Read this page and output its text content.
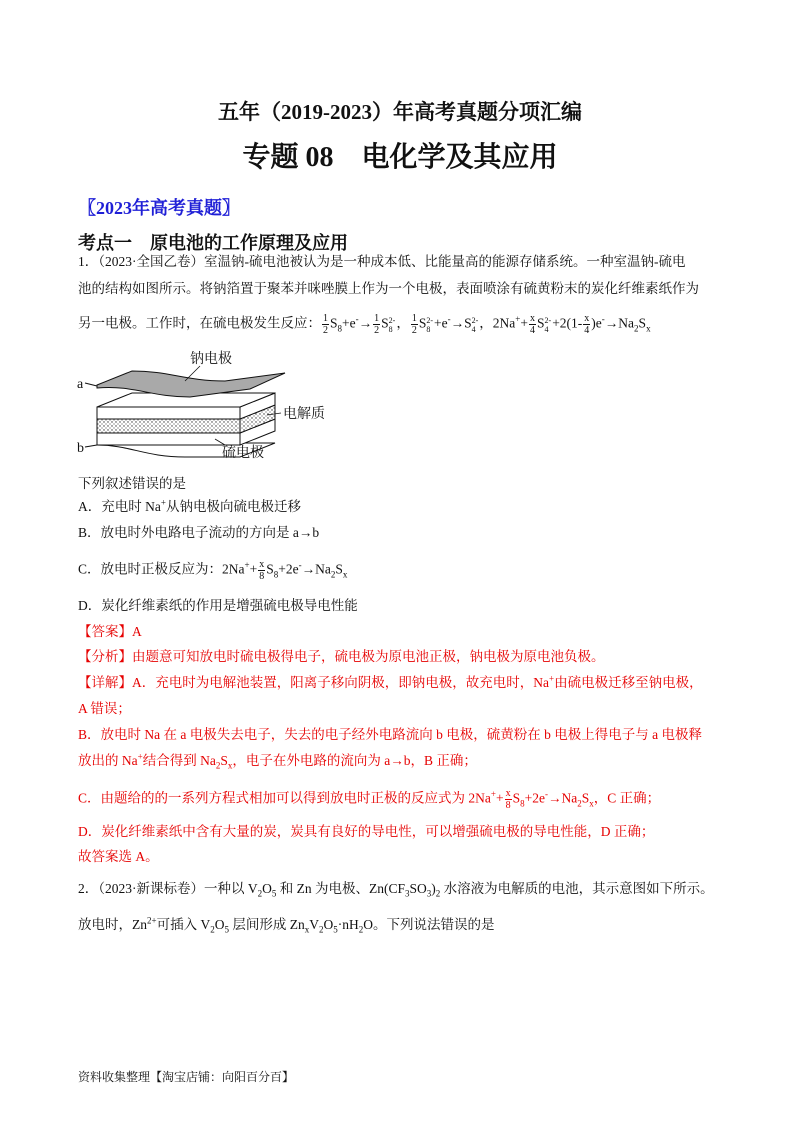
五年（2019-2023）年高考真题分项汇编
专题 08　电化学及其应用
〖2023年高考真题〗
考点一　原电池的工作原理及应用
1．（2023·全国乙卷）室温钠-硫电池被认为是一种成本低、比能量高的能源存储系统。一种室温钠-硫电
池的结构如图所示。将钠箔置于聚苯并咪唑膜上作为一个电极，表面喷涂有硫黄粉末的炭化纤维素纸作为
另一电极。工作时，在硫电极发生反应： $\frac{1}{2} S_8+e^-\to \frac{1}{2}$ S 2-
8 ， $\frac{1}{2}$ S 2-
8 +e-→S 2-
4 ，$2Na^++ \frac{x}{4}$ S 2-
$4 +2(1- \frac{x}{4} )e^-\to Na_2S_x$
a
b
钠电极
电解质
硫电极
下列叙述错误的是
A．充电时 Na+从钠电极向硫电极迁移
B．放电时外电路电子流动的方向是 a→b
C．放电时正极反应为：$2Na^++ \frac{x}{8} S_8+2e^-\to Na_2S_x$
D．炭化纤维素纸的作用是增强硫电极导电性能
【答案】A
【分析】由题意可知放电时硫电极得电子，硫电极为原电池正极，钠电极为原电池负极。
【详解】A．充电时为电解池装置，阳离子移向阴极，即钠电极，故充电时，Na+由硫电极迁移至钠电极，
A 错误；
B．放电时 Na 在 a 电极失去电子，失去的电子经外电路流向 b 电极，硫黄粉在 b 电极上得电子与 a 电极释
放出的 Na+结合得到 $Na_2S_x$，电子在外电路的流向为 a→b，B 正确；
C．由题给的的一系列方程式相加可以得到放电时正极的反应式为 $2Na^++ \frac{x}{8} S_8+2e^-\to Na_2S_x$，C 正确；
D．炭化纤维素纸中含有大量的炭，炭具有良好的导电性，可以增强硫电极的导电性能，D 正确；
故答案选 A。
2．（2023·新课标卷）一种以 $V_2O_5$ 和 Zn 为电极、$Zn(CF_3SO_3)_2$ 水溶液为电解质的电池，其示意图如下所示。
放电时，$Zn^{2+}$可插入 $V_2O_5$ 层间形成 $Zn_xV_2O_5\cdot nH_2O$。下列说法错误的是
资料收集整理【淘宝店铺：向阳百分百】
